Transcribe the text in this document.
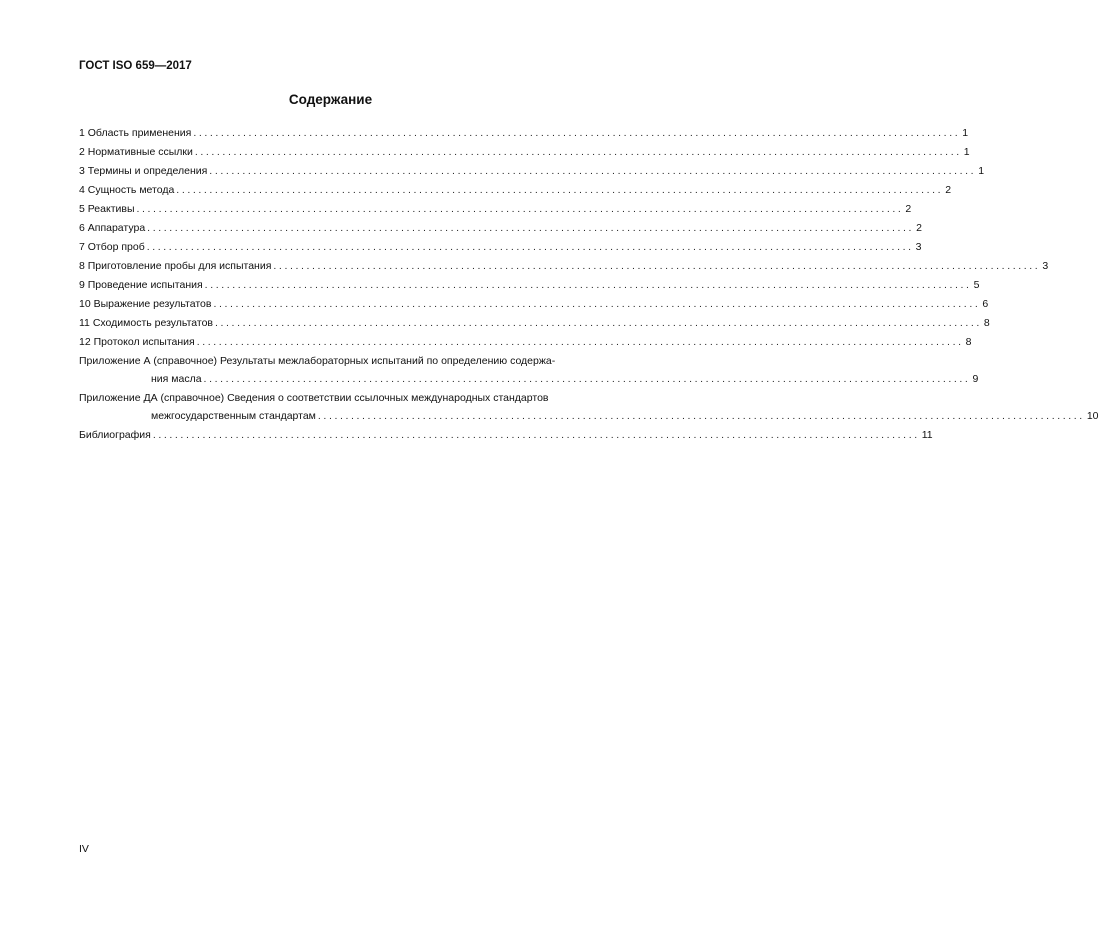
ГОСТ ISO 659—2017
Содержание
1 Область применения ........................................................................................................................................... 1
2 Нормативные ссылки ........................................................................................................................................... 1
3 Термины и определения ........................................................................................................................................... 1
4 Сущность метода ........................................................................................................................................... 2
5 Реактивы ........................................................................................................................................... 2
6 Аппаратура ........................................................................................................................................... 2
7 Отбор проб ........................................................................................................................................... 3
8 Приготовление пробы для испытания ........................................................................................................................................... 3
9 Проведение испытания ........................................................................................................................................... 5
10 Выражение результатов ........................................................................................................................................... 6
11 Сходимость результатов ........................................................................................................................................... 8
12 Протокол испытания ........................................................................................................................................... 8
Приложение А (справочное) Результаты межлабораторных испытаний по определению содержа-
ния масла ........................................................................................................................................... 9
Приложение ДА (справочное) Сведения о соответствии ссылочных международных стандартов
межгосударственным стандартам ........................................................................................................................................... 10
Библиография ........................................................................................................................................... 11
IV
